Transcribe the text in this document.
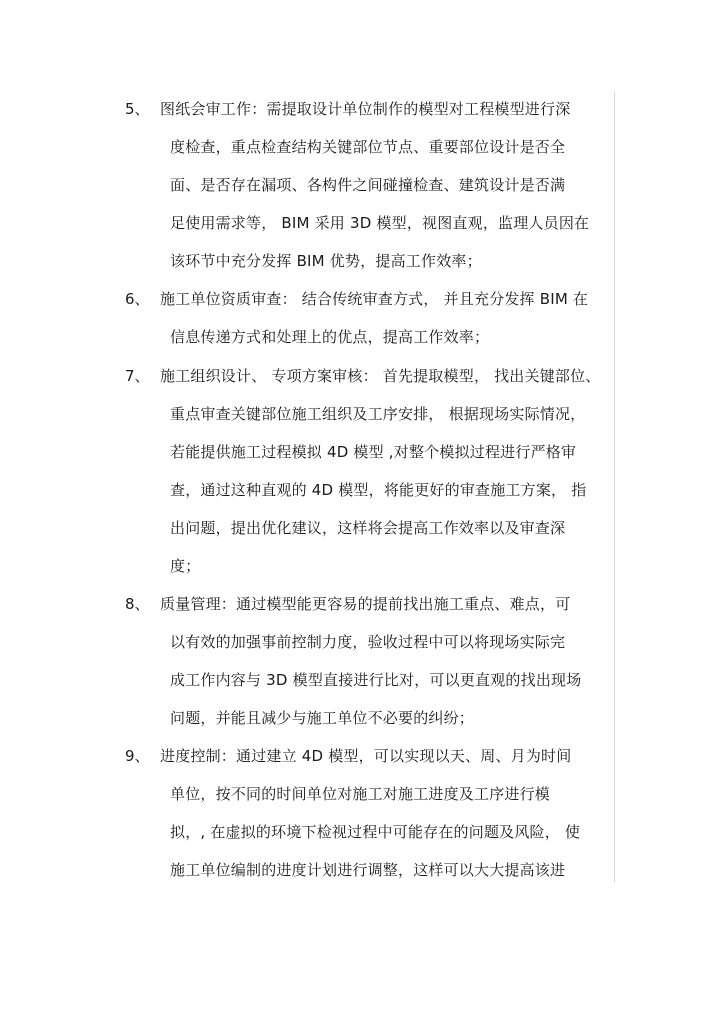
5、 图纸会审工作：需提取设计单位制作的模型对工程模型进行深
度检查，重点检查结构关键部位节点、重要部位设计是否全
面、是否存在漏项、各构件之间碰撞检查、建筑设计是否满
足使用需求等， BIM 采用 3D 模型，视图直观，监理人员因在
该环节中充分发挥 BIM 优势，提高工作效率；
6、 施工单位资质审查： 结合传统审查方式， 并且充分发挥 BIM 在
信息传递方式和处理上的优点，提高工作效率；
7、 施工组织设计、 专项方案审核： 首先提取模型， 找出关键部位、
重点审查关键部位施工组织及工序安排， 根据现场实际情况，
若能提供施工过程模拟 4D 模型 ,对整个模拟过程进行严格审
查，通过这种直观的 4D 模型，将能更好的审查施工方案， 指
出问题，提出优化建议，这样将会提高工作效率以及审查深
度；
8、 质量管理：通过模型能更容易的提前找出施工重点、难点，可
以有效的加强事前控制力度，验收过程中可以将现场实际完
成工作内容与 3D 模型直接进行比对，可以更直观的找出现场
问题，并能且减少与施工单位不必要的纠纷；
9、 进度控制：通过建立 4D 模型，可以实现以天、周、月为时间
单位，按不同的时间单位对施工对施工进度及工序进行模
拟，, 在虚拟的环境下检视过程中可能存在的问题及风险， 使
施工单位编制的进度计划进行调整，这样可以大大提高该进
